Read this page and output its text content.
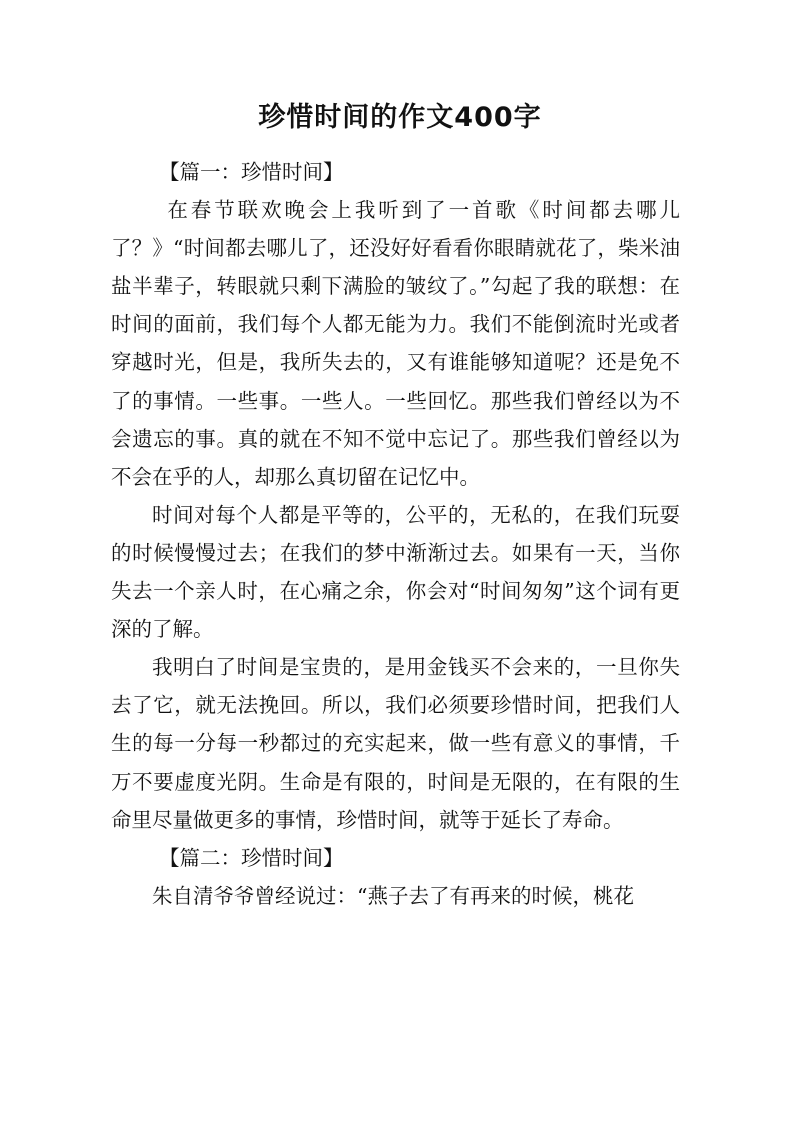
珍惜时间的作文400字

【篇一：珍惜时间】

在春节联欢晚会上我听到了一首歌《时间都去哪儿了？》“时间都去哪儿了，还没好好看看你眼睛就花了，柴米油盐半辈子，转眼就只剩下满脸的皱纹了。”勾起了我的联想：在时间的面前，我们每个人都无能为力。我们不能倒流时光或者穿越时光，但是，我所失去的，又有谁能够知道呢？还是免不了的事情。一些事。一些人。一些回忆。那些我们曾经以为不会遗忘的事。真的就在不知不觉中忘记了。那些我们曾经以为不会在乎的人，却那么真切留在记忆中。

时间对每个人都是平等的，公平的，无私的，在我们玩耍的时候慢慢过去；在我们的梦中渐渐过去。如果有一天，当你失去一个亲人时，在心痛之余，你会对“时间匆匆”这个词有更深的了解。

我明白了时间是宝贵的，是用金钱买不会来的，一旦你失去了它，就无法挽回。所以，我们必须要珍惜时间，把我们人生的每一分每一秒都过的充实起来，做一些有意义的事情，千万不要虚度光阴。生命是有限的，时间是无限的，在有限的生命里尽量做更多的事情，珍惜时间，就等于延长了寿命。

【篇二：珍惜时间】

朱自清爷爷曾经说过：“燕子去了有再来的时候，桃花
